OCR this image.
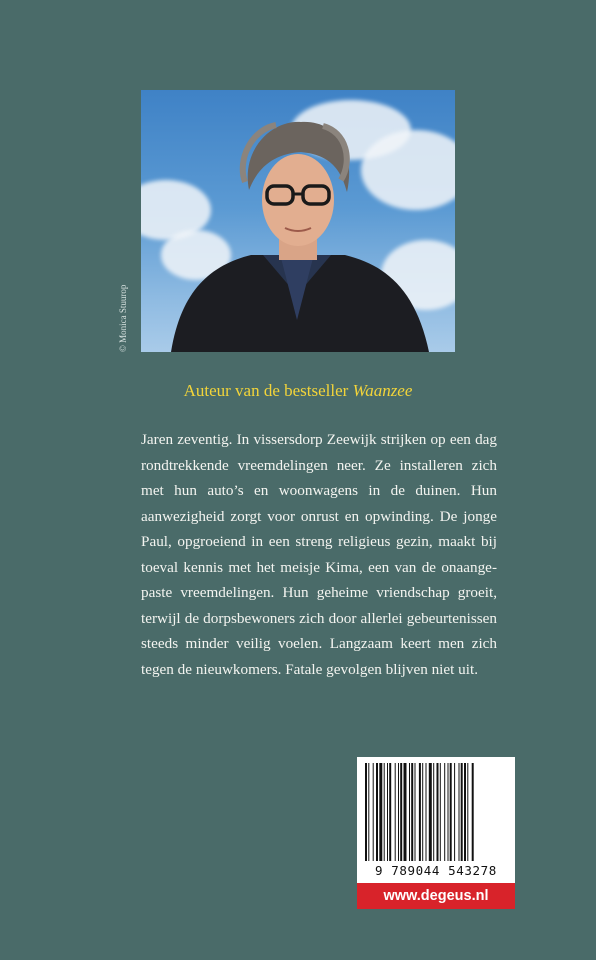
© Monica Stuurop
Auteur van de bestseller Waanzee
Jaren zeventig. In vissersdorp Zeewijk strijken op een dag rondtrekkende vreemdelingen neer. Ze installeren zich met hun auto’s en woonwagens in de duinen. Hun aanwezigheid zorgt voor onrust en opwinding. De jonge Paul, opgroeiend in een streng religieus gezin, maakt bij toeval kennis met het meisje Kima, een van de onaangepaste vreemdelingen. Hun geheime vriendschap groeit, terwijl de dorpsbewoners zich door allerlei gebeurtenissen steeds minder veilig voelen. Langzaam keert men zich tegen de nieuwkomers. Fatale gevolgen blijven niet uit.
9 789044 543278
www.degeus.nl
